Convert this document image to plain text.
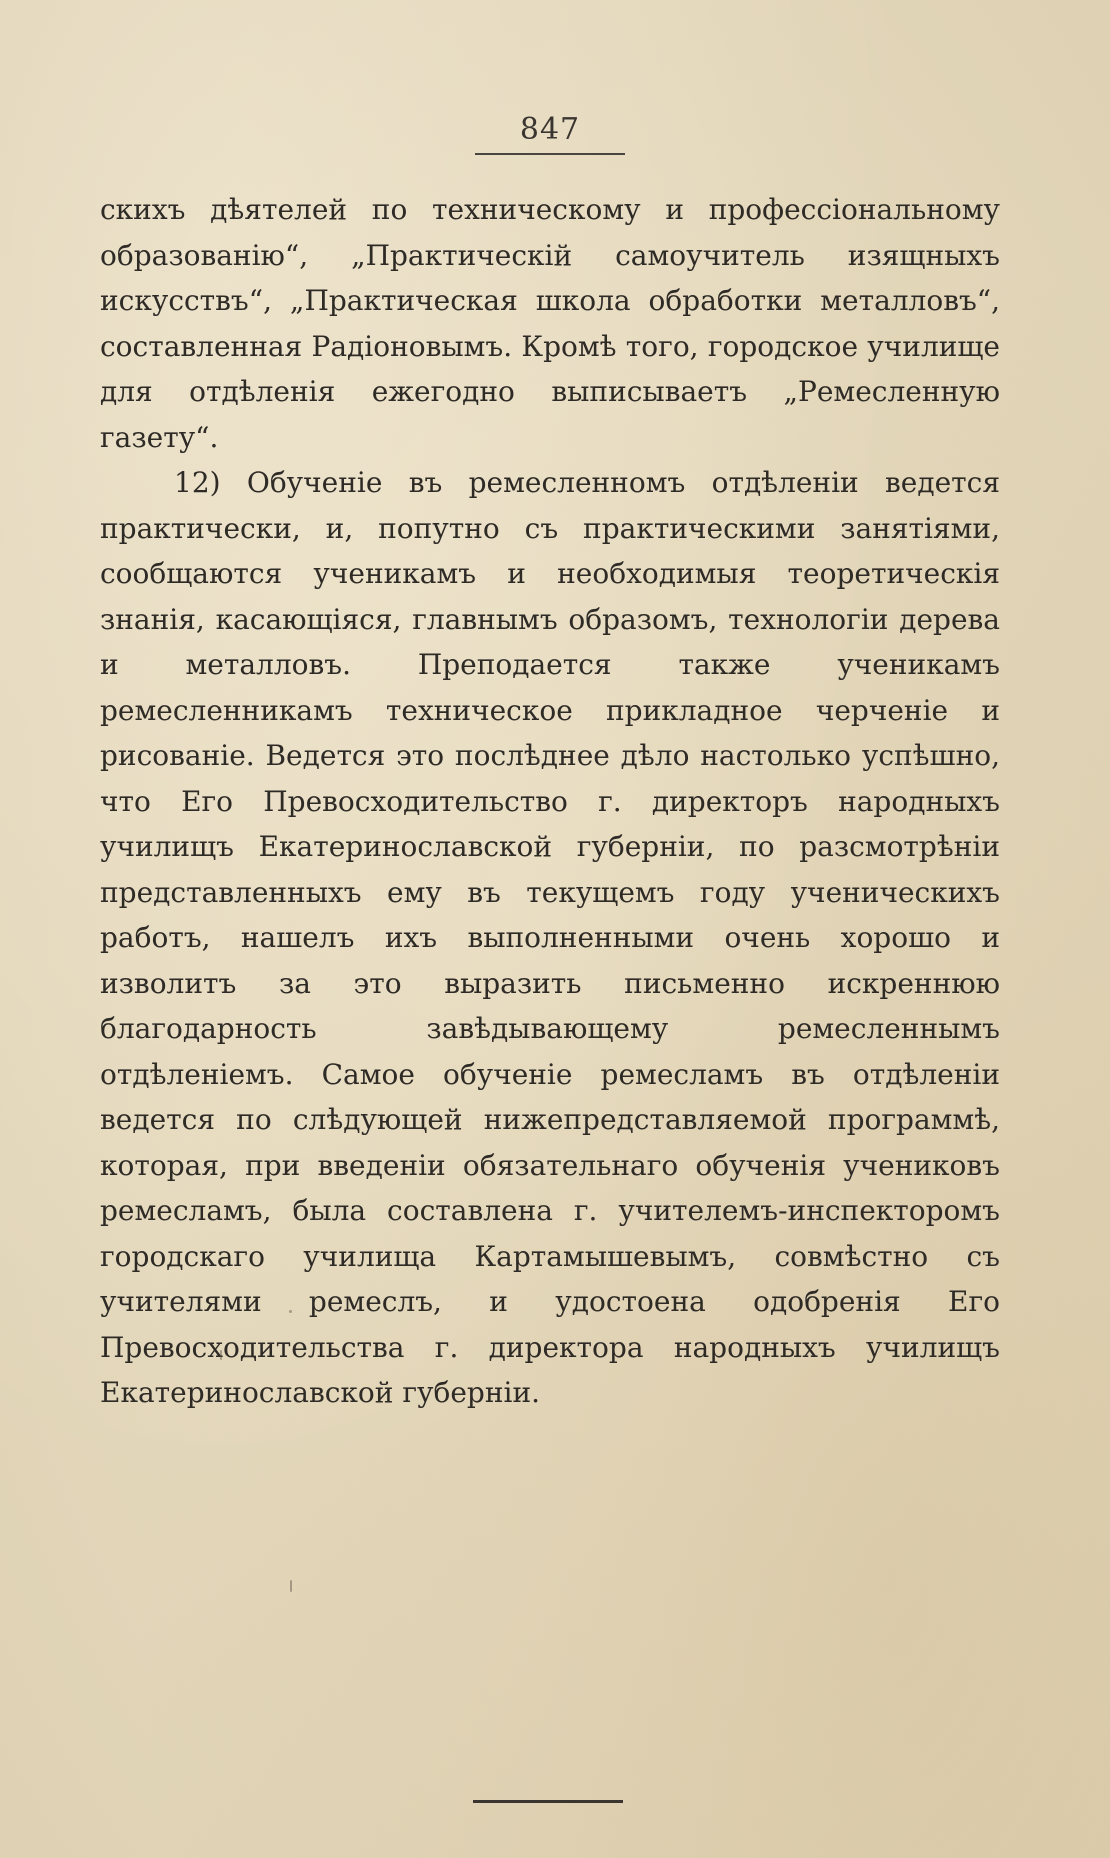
847

скихъ дѣятелей по техническому и профессіональному образованію“, „Практическій самоучитель изящныхъ искусствъ“, „Практическая школа обработки металловъ“, составленная Радіоновымъ. Кромѣ того, городское училище для отдѣленія ежегодно выписываетъ „Ремесленную газету“.

12) Обученіе въ ремесленномъ отдѣленіи ведется практически, и, попутно съ практическими занятіями, сообщаются ученикамъ и необходимыя теоретическія знанія, касающіяся, главнымъ образомъ, технологіи дерева и металловъ. Преподается также ученикамъ ремесленникамъ техническое прикладное черченіе и рисованіе. Ведется это послѣднее дѣло настолько успѣшно, что Его Превосходительство г. директоръ народныхъ училищъ Екатеринославской губерніи, по разсмотрѣніи представленныхъ ему въ текущемъ году ученическихъ работъ, нашелъ ихъ выполненными очень хорошо и изволитъ за это выразить письменно искреннюю благодарность завѣдывающему ремесленнымъ отдѣленіемъ. Самое обученіе ремесламъ въ отдѣленіи ведется по слѣдующей нижепредставляемой программѣ, которая, при введеніи обязательнаго обученія учениковъ ремесламъ, была составлена г. учителемъ-инспекторомъ городскаго училища Картамышевымъ, совмѣстно съ учителями ремеслъ, и удостоена одобренія Его Превосходительства г. директора народныхъ училищъ Екатеринославской губерніи.
